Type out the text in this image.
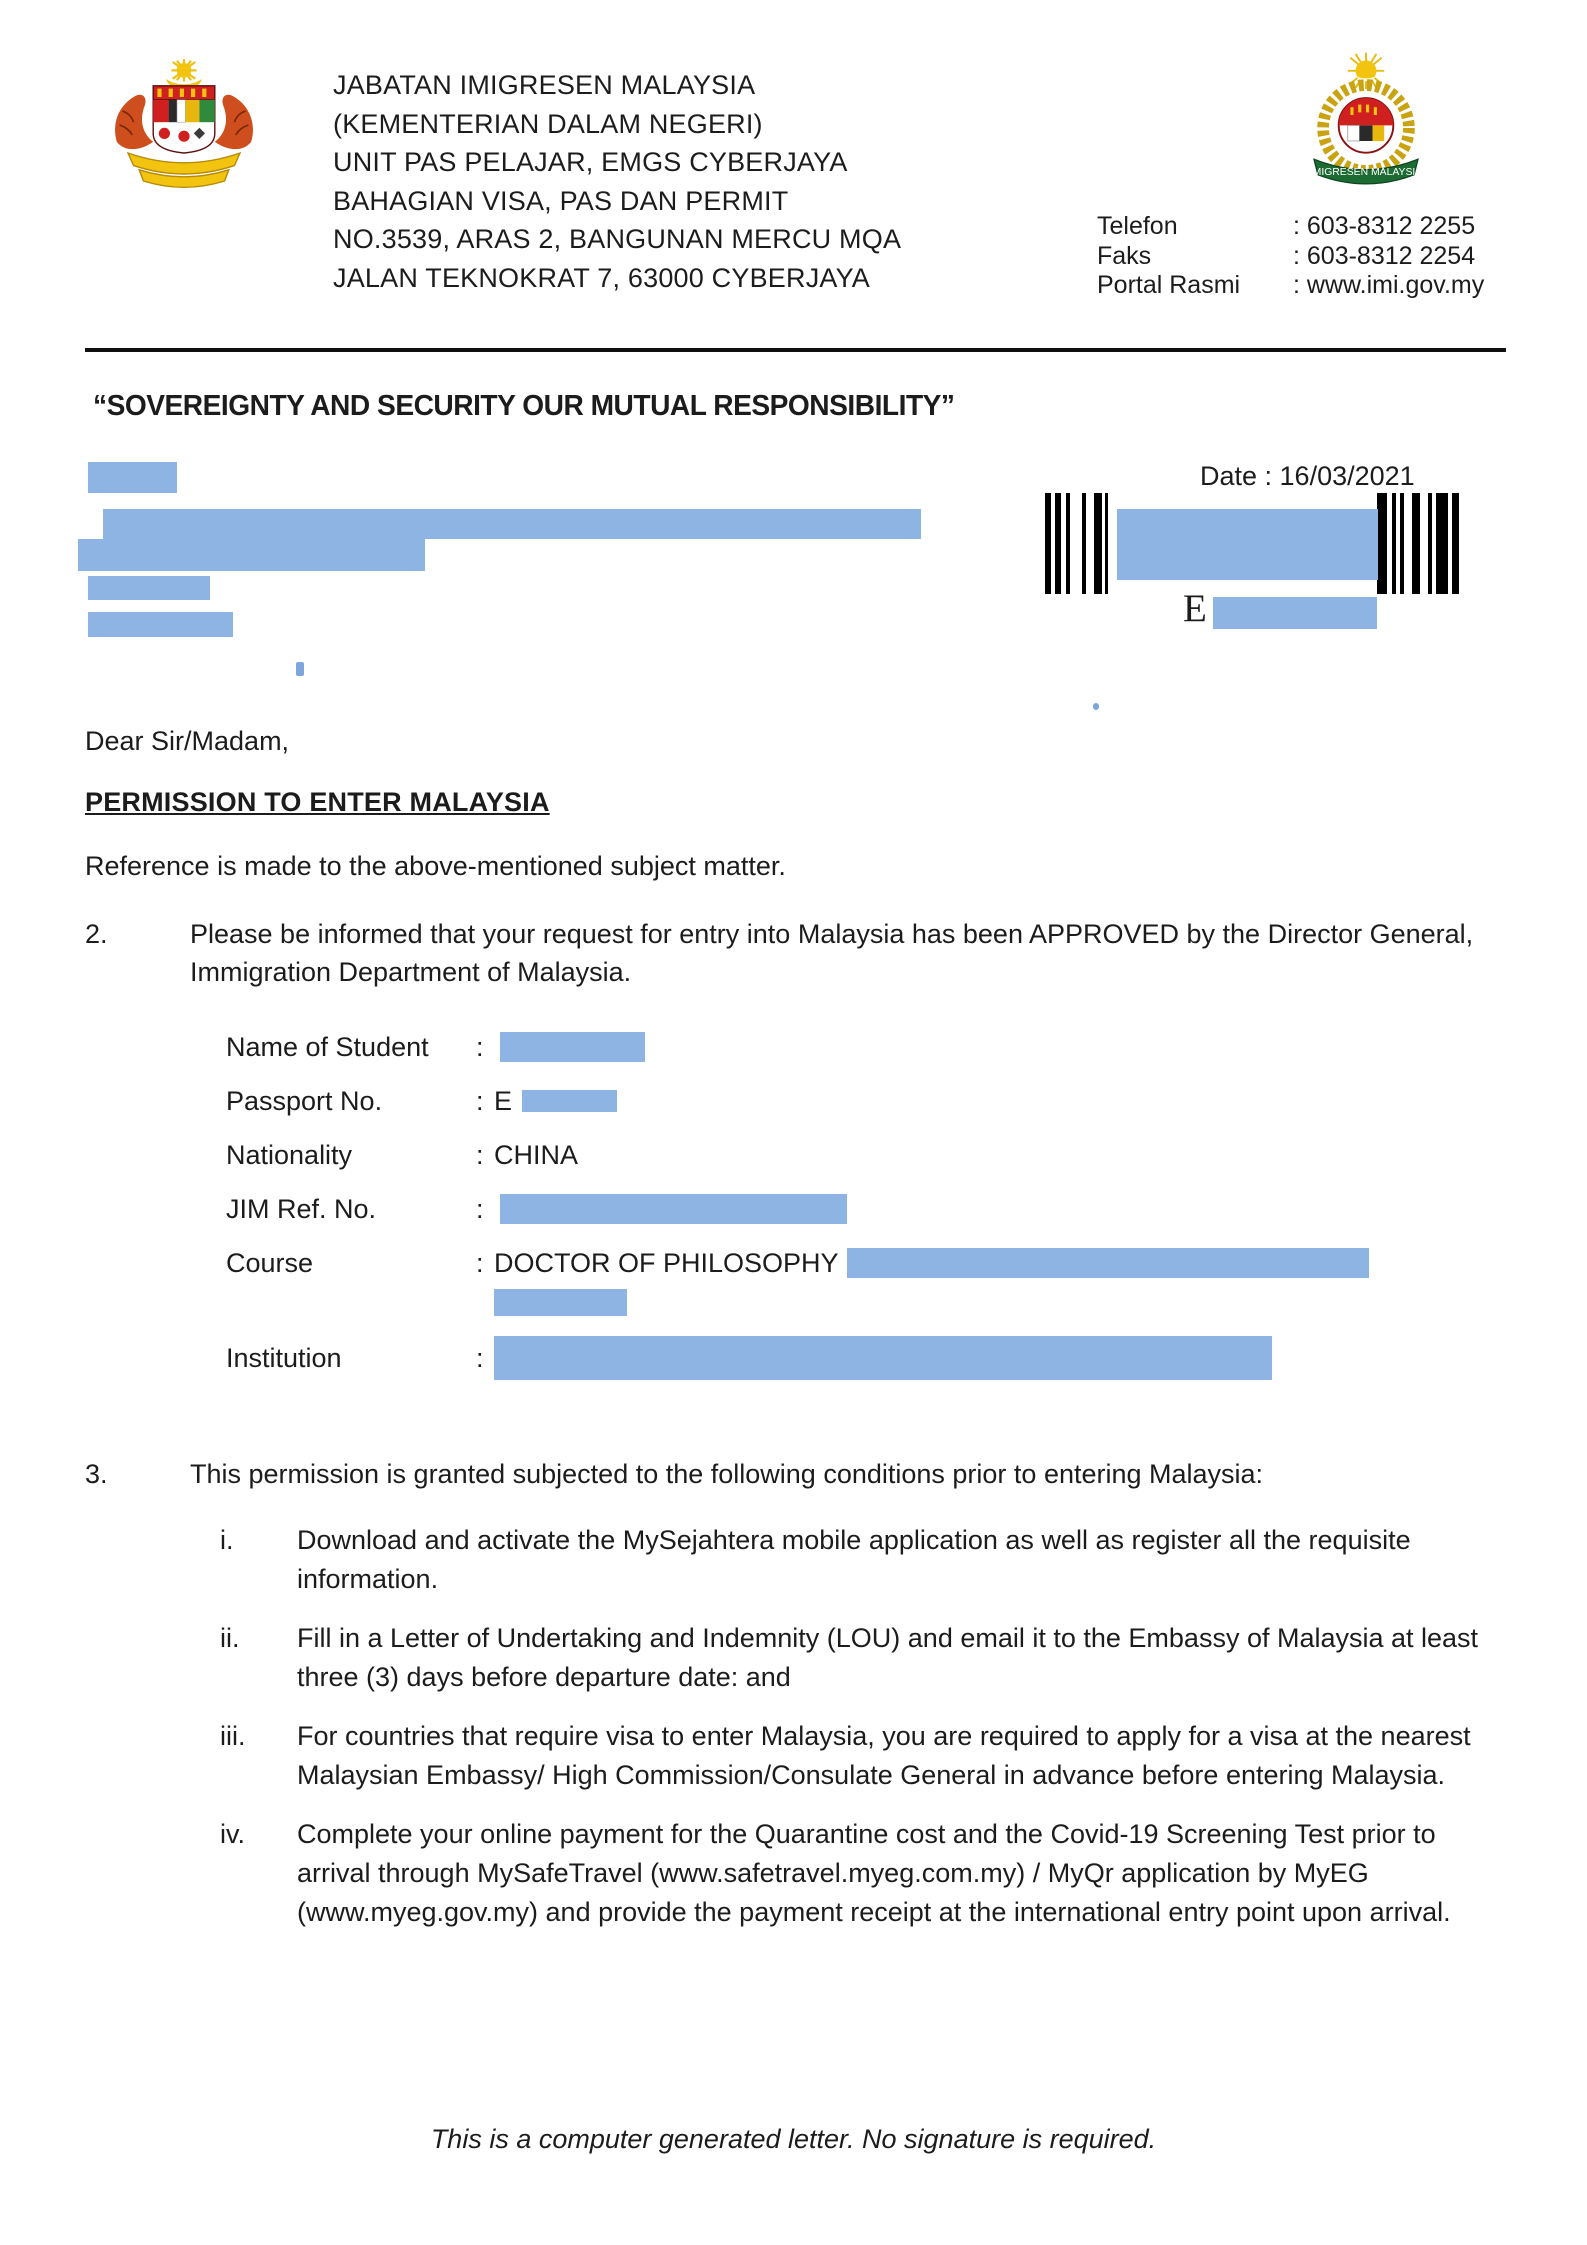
JABATAN IMIGRESEN MALAYSIA
(KEMENTERIAN DALAM NEGERI)
UNIT PAS PELAJAR, EMGS CYBERJAYA
BAHAGIAN VISA, PAS DAN PERMIT
NO.3539, ARAS 2, BANGUNAN MERCU MQA
JALAN TEKNOKRAT 7, 63000 CYBERJAYA
Telefon	: 603-8312 2255
Faks	: 603-8312 2254
Portal Rasmi	: www.imi.gov.my
IMIGRESEN MALAYSIA
“SOVEREIGNTY AND SECURITY OUR MUTUAL RESPONSIBILITY”
Date : 16/03/2021
E

Dear Sir/Madam,

PERMISSION TO ENTER MALAYSIA

Reference is made to the above-mentioned subject matter.

2.	Please be informed that your request for entry into Malaysia has been APPROVED by the Director General, Immigration Department of Malaysia.
Name of Student	:
Passport No.	: E
Nationality	: CHINA
JIM Ref. No.	:
Course	: DOCTOR OF PHILOSOPHY
Institution	:
3.	This permission is granted subjected to the following conditions prior to entering Malaysia:
i.	Download and activate the MySejahtera mobile application as well as register all the requisite information.
ii.	Fill in a Letter of Undertaking and Indemnity (LOU) and email it to the Embassy of Malaysia at least three (3) days before departure date: and
iii.	For countries that require visa to enter Malaysia, you are required to apply for a visa at the nearest Malaysian Embassy/ High Commission/Consulate General in advance before entering Malaysia.
iv.	Complete your online payment for the Quarantine cost and the Covid-19 Screening Test prior to arrival through MySafeTravel (www.safetravel.myeg.com.my) / MyQr application by MyEG (www.myeg.gov.my) and provide the payment receipt at the international entry point upon arrival.
This is a computer generated letter. No signature is required.
